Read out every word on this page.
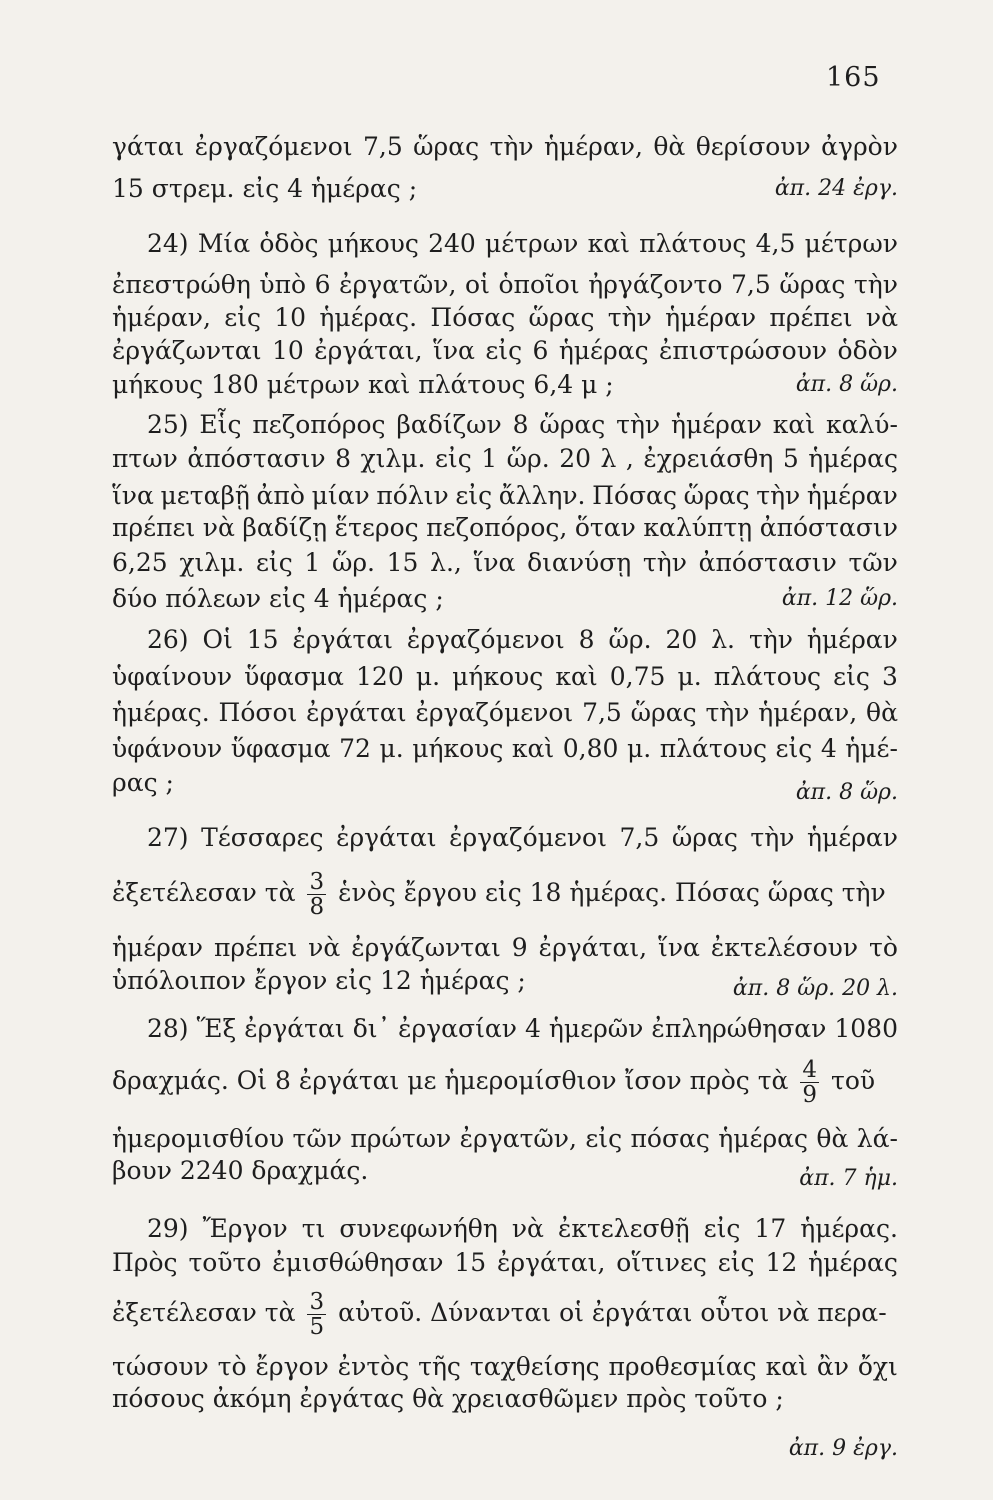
165
γάται ἐργαζόμενοι 7,5 ὥρας τὴν ἡμέραν, θὰ θερίσουν ἀγρὸν
15 στρεμ. εἰς 4 ἡμέρας ;	ἀπ. 24 ἐργ.
24) Μία ὁδὸς μήκους 240 μέτρων καὶ πλάτους 4,5 μέτρων
ἐπεστρώθη ὑπὸ 6 ἐργατῶν, οἱ ὁποῖοι ἠργάζοντο 7,5 ὥρας τὴν
ἡμέραν, εἰς 10 ἡμέρας. Πόσας ὥρας τὴν ἡμέραν πρέπει νὰ
ἐργάζωνται 10 ἐργάται, ἵνα εἰς 6 ἡμέρας ἐπιστρώσουν ὁδὸν
μήκους 180 μέτρων καὶ πλάτους 6,4 μ ;	ἀπ. 8 ὥρ.
25) Εἷς πεζοπόρος βαδίζων 8 ὥρας τὴν ἡμέραν καὶ καλύ-
πτων ἀπόστασιν 8 χιλμ. εἰς 1 ὥρ. 20 λ , ἐχρειάσθη 5 ἡμέρας
ἵνα μεταβῇ ἀπὸ μίαν πόλιν εἰς ἄλλην. Πόσας ὥρας τὴν ἡμέραν
πρέπει νὰ βαδίζῃ ἕτερος πεζοπόρος, ὅταν καλύπτῃ ἀπόστασιν
6,25 χιλμ. εἰς 1 ὥρ. 15 λ., ἵνα διανύσῃ τὴν ἀπόστασιν τῶν
δύο πόλεων εἰς 4 ἡμέρας ;	ἀπ. 12 ὥρ.
26) Οἱ 15 ἐργάται ἐργαζόμενοι 8 ὥρ. 20 λ. τὴν ἡμέραν
ὑφαίνουν ὕφασμα 120 μ. μήκους καὶ 0,75 μ. πλάτους εἰς 3
ἡμέρας. Πόσοι ἐργάται ἐργαζόμενοι 7,5 ὥρας τὴν ἡμέραν, θὰ
ὑφάνουν ὕφασμα 72 μ. μήκους καὶ 0,80 μ. πλάτους εἰς 4 ἡμέ-
ρας ;	ἀπ. 8 ὥρ.
27) Τέσσαρες ἐργάται ἐργαζόμενοι 7,5 ὥρας τὴν ἡμέραν
ἐξετέλεσαν τὰ $\frac{3}{8}$ ἑνὸς ἔργου εἰς 18 ἡμέρας. Πόσας ὥρας τὴν
ἡμέραν πρέπει νὰ ἐργάζωνται 9 ἐργάται, ἵνα ἐκτελέσουν τὸ
ὑπόλοιπον ἔργον εἰς 12 ἡμέρας ;	ἀπ. 8 ὥρ. 20 λ.
28) Ἕξ ἐργάται δι᾽ ἐργασίαν 4 ἡμερῶν ἐπληρώθησαν 1080
δραχμάς. Οἱ 8 ἐργάται με ἡμερομίσθιον ἴσον πρὸς τὰ $\frac{4}{9}$ τοῦ
ἡμερομισθίου τῶν πρώτων ἐργατῶν, εἰς πόσας ἡμέρας θὰ λά-
βουν 2240 δραχμάς.	ἀπ. 7 ἡμ.
29) Ἔργον τι συνεφωνήθη νὰ ἐκτελεσθῇ εἰς 17 ἡμέρας.
Πρὸς τοῦτο ἐμισθώθησαν 15 ἐργάται, οἵτινες εἰς 12 ἡμέρας
ἐξετέλεσαν τὰ $\frac{3}{5}$ αὐτοῦ. Δύνανται οἱ ἐργάται οὗτοι νὰ περα-
τώσουν τὸ ἔργον ἐντὸς τῆς ταχθείσης προθεσμίας καὶ ἂν ὄχι
πόσους ἀκόμη ἐργάτας θὰ χρειασθῶμεν πρὸς τοῦτο ;
ἀπ. 9 ἐργ.
